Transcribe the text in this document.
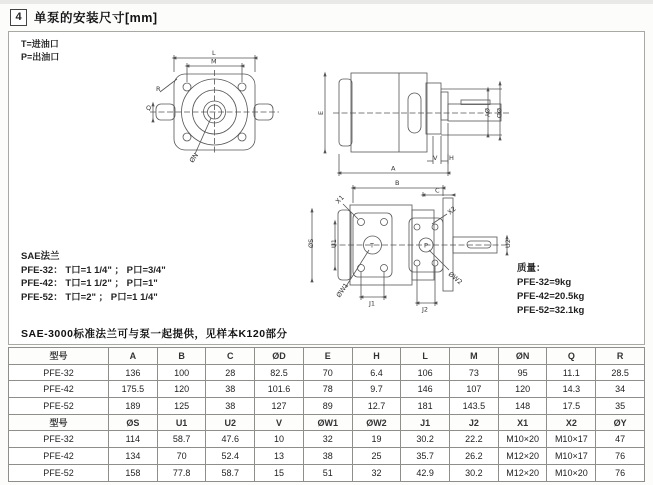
4 单泵的安装尺寸[mm]
T=进油口
P=出油口	L
M
Q
R
ØN
E
A
V H
ØY ØD
B
C
X1
X2
ØS U1	U2
ØW1
ØW2
J1
J2
T	P
SAE法兰
PFE-32： T口=1 1/4" ； P口=3/4"
PFE-42： T口=1 1/2" ； P口=1"
PFE-52： T口=2" ； P口=1 1/4"
质量：
PFE-32=9kg
PFE-42=20.5kg
PFE-52=32.1kg
SAE-3000标准法兰可与泵一起提供，见样本K120部分
型号	A	B	C	ØD	E	H	L	M	ØN	Q	R
PFE-32	136	100	28	82.5	70	6.4	106	73	95	11.1	28.5
PFE-42	175.5	120	38	101.6	78	9.7	146	107	120	14.3	34
PFE-52	189	125	38	127	89	12.7	181	143.5	148	17.5	35
型号	ØS	U1	U2	V	ØW1	ØW2	J1	J2	X1	X2	ØY
PFE-32	114	58.7	47.6	10	32	19	30.2	22.2	M10×20	M10×17	47
PFE-42	134	70	52.4	13	38	25	35.7	26.2	M12×20	M10×17	76
PFE-52	158	77.8	58.7	15	51	32	42.9	30.2	M12×20	M10×20	76
